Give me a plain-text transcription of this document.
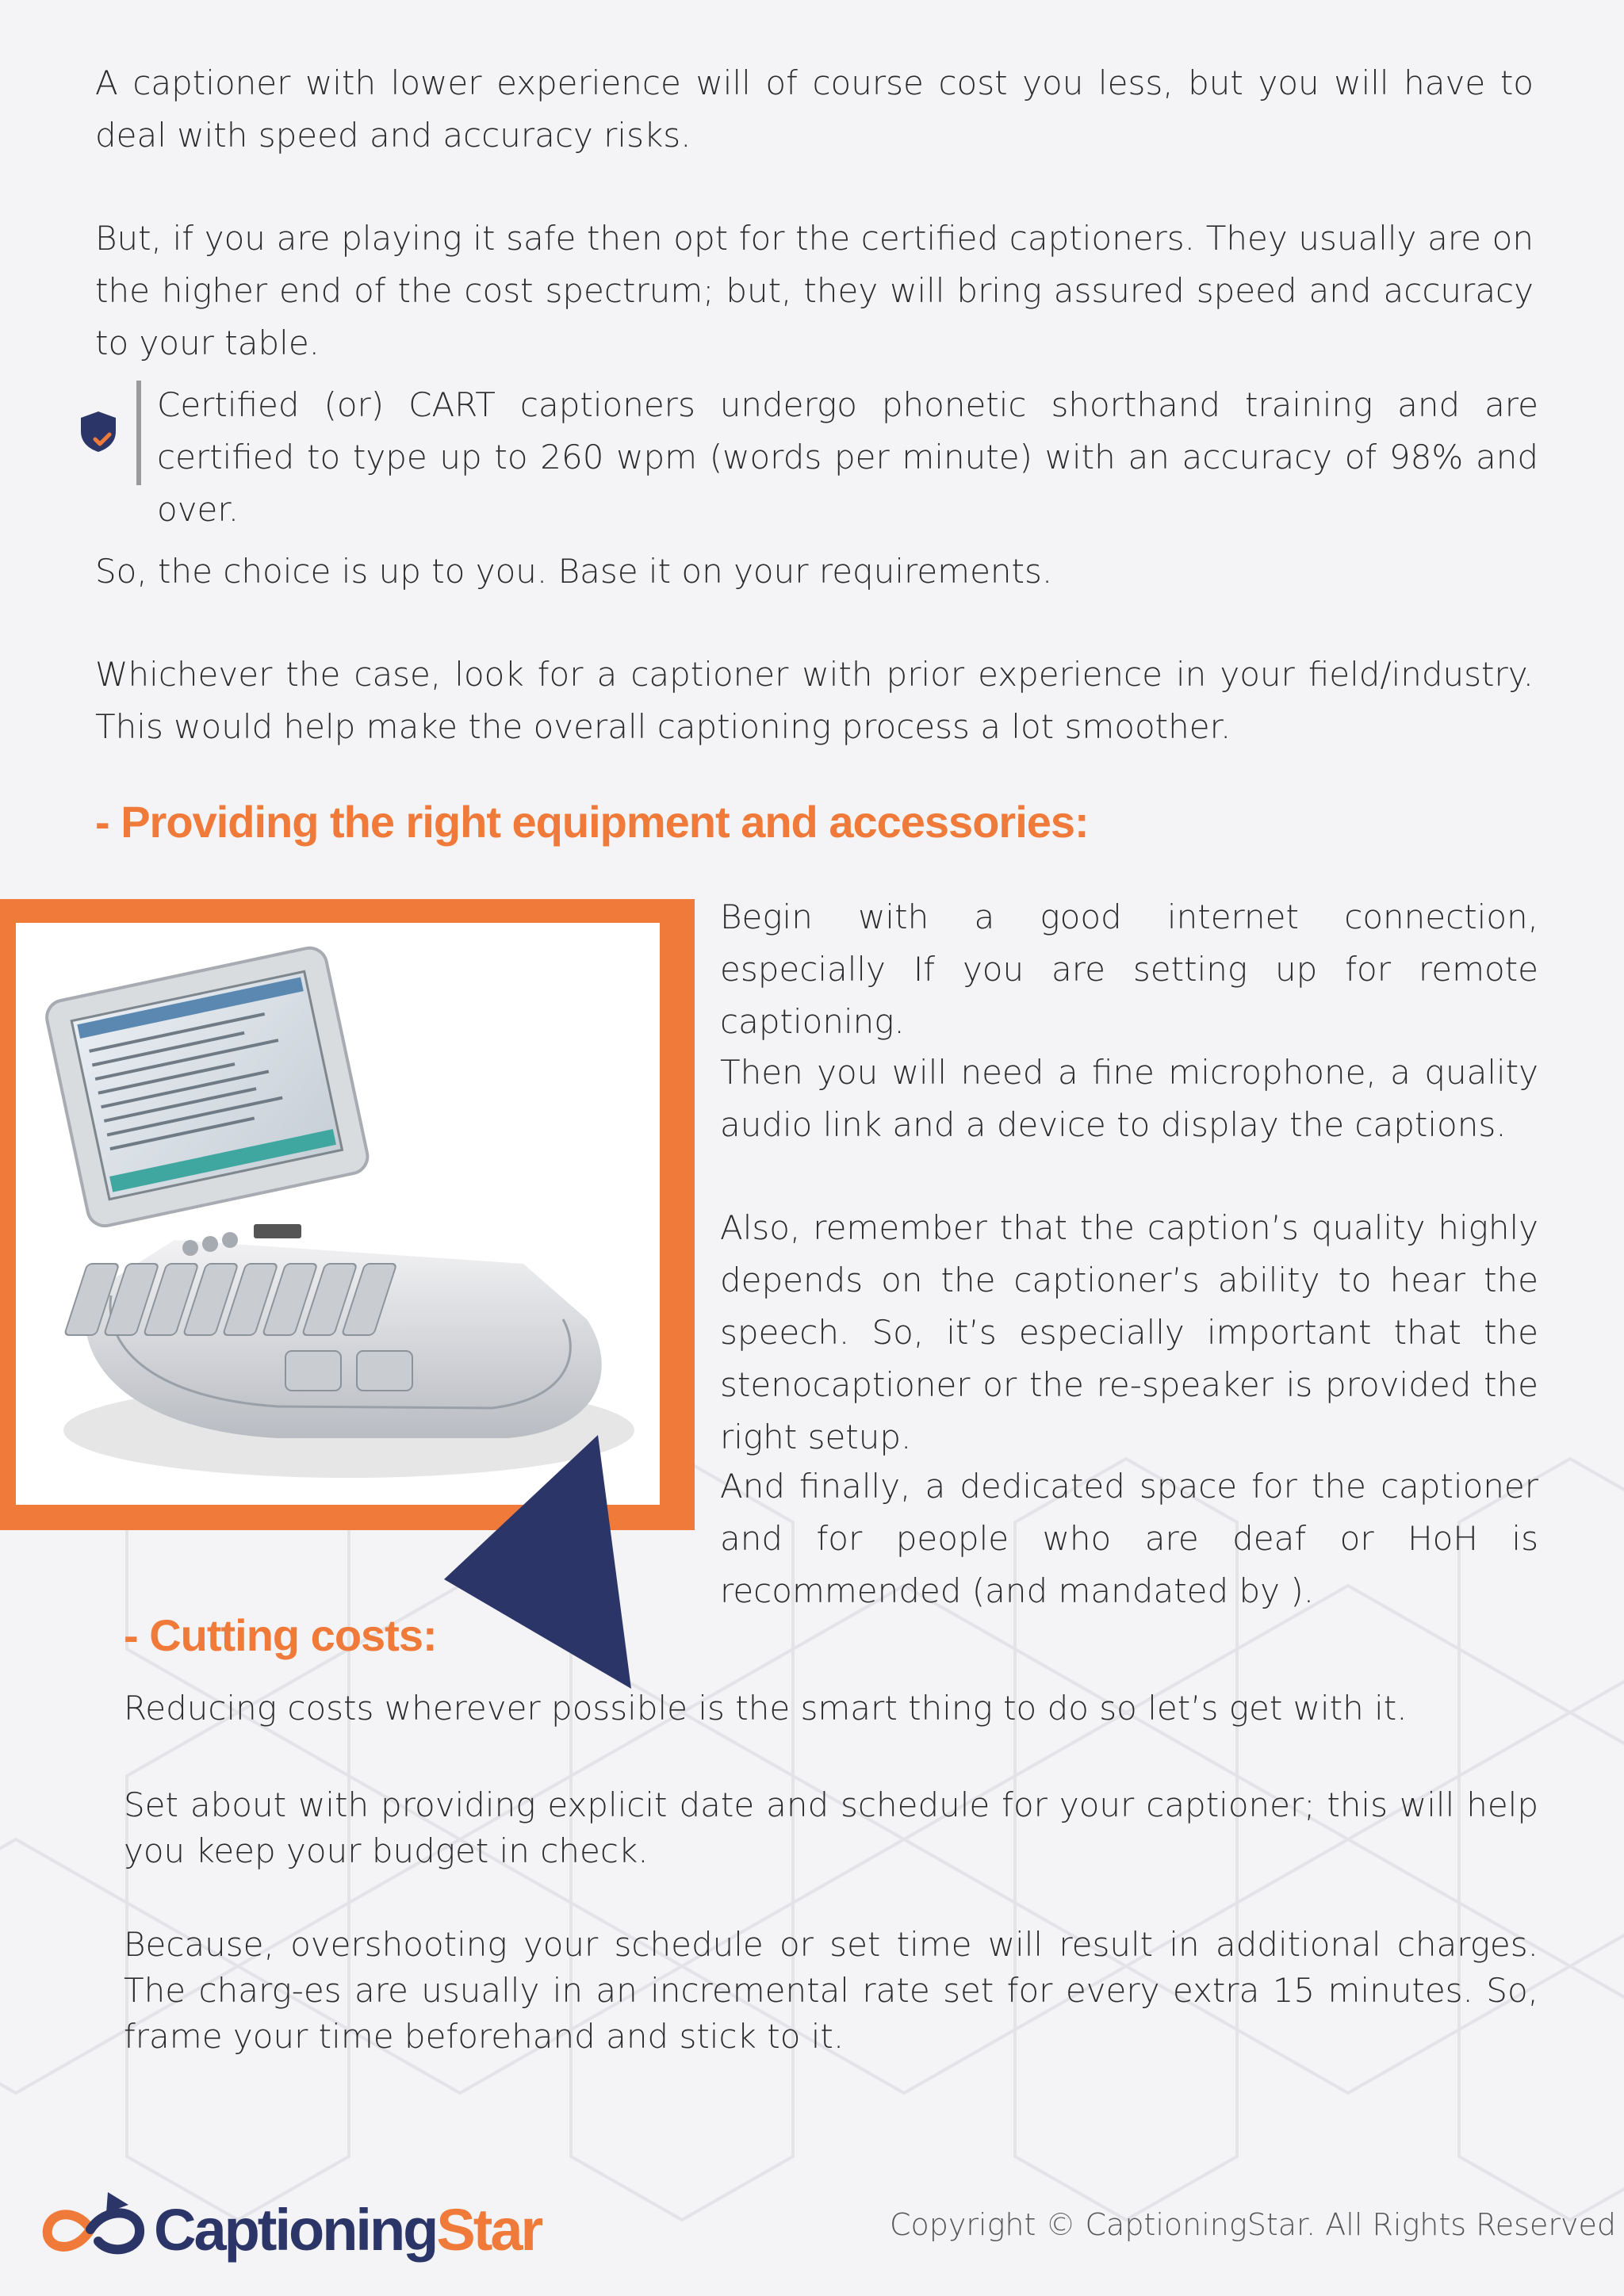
A captioner with lower experience will of course cost you less, but you will have to deal with speed and accuracy risks.

But, if you are playing it safe then opt for the certified captioners. They usually are on the higher end of the cost spectrum; but, they will bring assured speed and accuracy to your table.

Certified (or) CART captioners undergo phonetic shorthand training and are certified to type up to 260 wpm (words per minute) with an accuracy of 98% and over.

So, the choice is up to you. Base it on your requirements.

Whichever the case, look for a captioner with prior experience in your field/industry. This would help make the overall captioning process a lot smoother.

- Providing the right equipment and accessories:

Begin with a good internet connection, especially If you are setting up for remote captioning.

Then you will need a fine microphone, a quality audio link and a device to display the captions.

Also, remember that the caption’s quality highly depends on the captioner’s ability to hear the speech. So, it’s especially important that the stenocaptioner or the re-speaker is provided the right setup.

And finally, a dedicated space for the captioner and for people who are deaf or HoH is recommended (and mandated by ).

- Cutting costs:

Reducing costs wherever possible is the smart thing to do so let’s get with it.

Set about with providing explicit date and schedule for your captioner; this will help you keep your budget in check.

Because, overshooting your schedule or set time will result in additional charges. The charg-es are usually in an incremental rate set for every extra 15 minutes. So, frame your time beforehand and stick to it.

CaptioningStar	Copyright © CaptioningStar. All Rights Reserved
